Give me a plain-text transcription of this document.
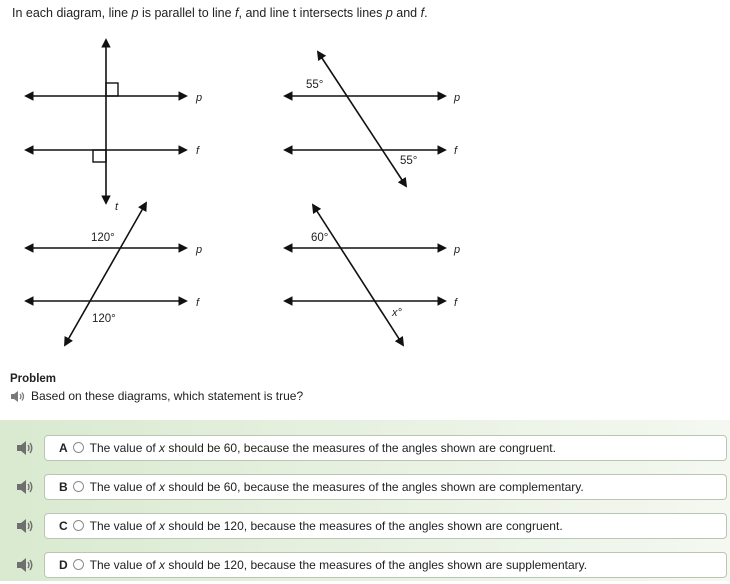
In each diagram, line p is parallel to line f, and line t intersects lines p and f.
p
f
t
55°
55°
p
f
120°
120°
p
f
60°
x°
p
f
Problem
Based on these diagrams, which statement is true?
A The value of x should be 60, because the measures of the angles shown are congruent.
B The value of x should be 60, because the measures of the angles shown are complementary.
C The value of x should be 120, because the measures of the angles shown are congruent.
D The value of x should be 120, because the measures of the angles shown are supplementary.
